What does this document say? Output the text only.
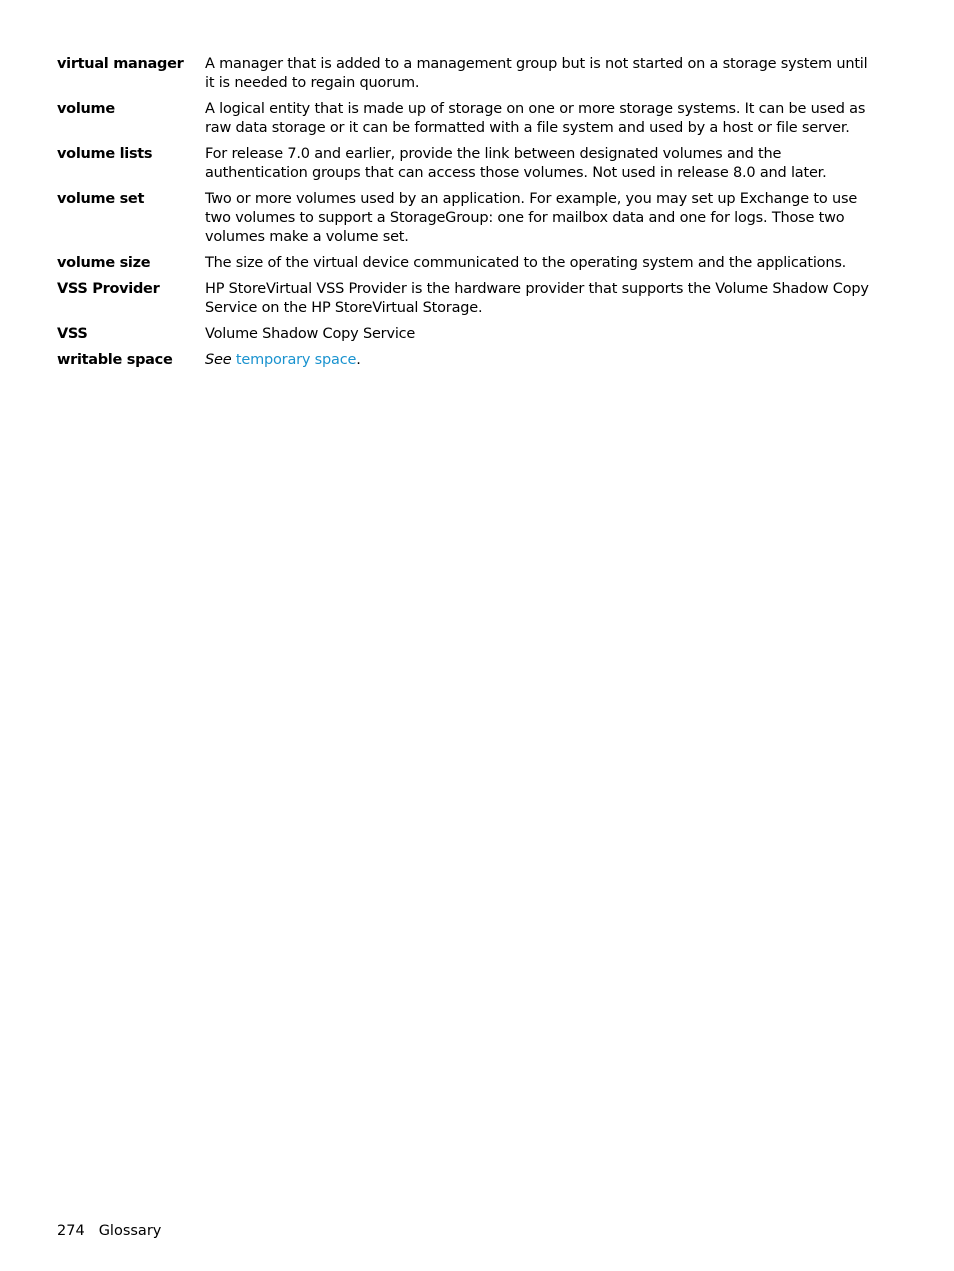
virtual manager	A manager that is added to a management group but is not started on a storage system until it is needed to regain quorum.
volume	A logical entity that is made up of storage on one or more storage systems. It can be used as raw data storage or it can be formatted with a file system and used by a host or file server.
volume lists	For release 7.0 and earlier, provide the link between designated volumes and the authentication groups that can access those volumes. Not used in release 8.0 and later.
volume set	Two or more volumes used by an application. For example, you may set up Exchange to use two volumes to support a StorageGroup: one for mailbox data and one for logs. Those two volumes make a volume set.
volume size	The size of the virtual device communicated to the operating system and the applications.
VSS Provider	HP StoreVirtual VSS Provider is the hardware provider that supports the Volume Shadow Copy Service on the HP StoreVirtual Storage.
VSS	Volume Shadow Copy Service
writable space	See temporary space.
274 Glossary
